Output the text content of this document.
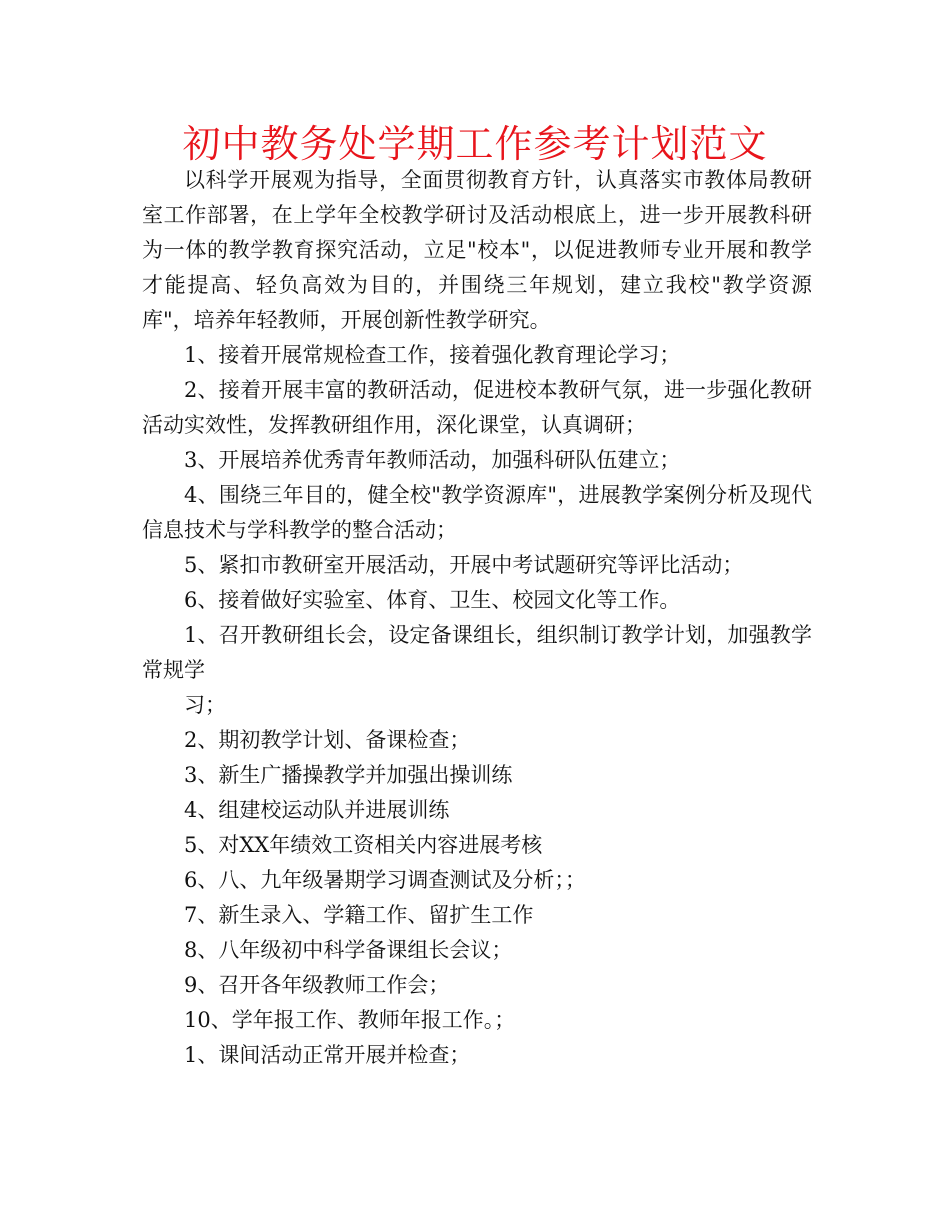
初中教务处学期工作参考计划范文

以科学开展观为指导，全面贯彻教育方针，认真落实市教体局教研室工作部署，在上学年全校教学研讨及活动根底上，进一步开展教科研为一体的教学教育探究活动，立足"校本"，以促进教师专业开展和教学才能提高、轻负高效为目的，并围绕三年规划，建立我校"教学资源库"，培养年轻教师，开展创新性教学研究。

1、接着开展常规检查工作，接着强化教育理论学习；

2、接着开展丰富的教研活动，促进校本教研气氛，进一步强化教研活动实效性，发挥教研组作用，深化课堂，认真调研；

3、开展培养优秀青年教师活动，加强科研队伍建立；

4、围绕三年目的，健全校"教学资源库"，进展教学案例分析及现代信息技术与学科教学的整合活动；

5、紧扣市教研室开展活动，开展中考试题研究等评比活动；

6、接着做好实验室、体育、卫生、校园文化等工作。

1、召开教研组长会，设定备课组长，组织制订教学计划，加强教学常规学

习；

2、期初教学计划、备课检查；

3、新生广播操教学并加强出操训练

4、组建校运动队并进展训练

5、对XX年绩效工资相关内容进展考核

6、八、九年级暑期学习调查测试及分析；；

7、新生录入、学籍工作、留扩生工作

8、八年级初中科学备课组长会议；

9、召开各年级教师工作会；

10、学年报工作、教师年报工作。；

1、课间活动正常开展并检查；
